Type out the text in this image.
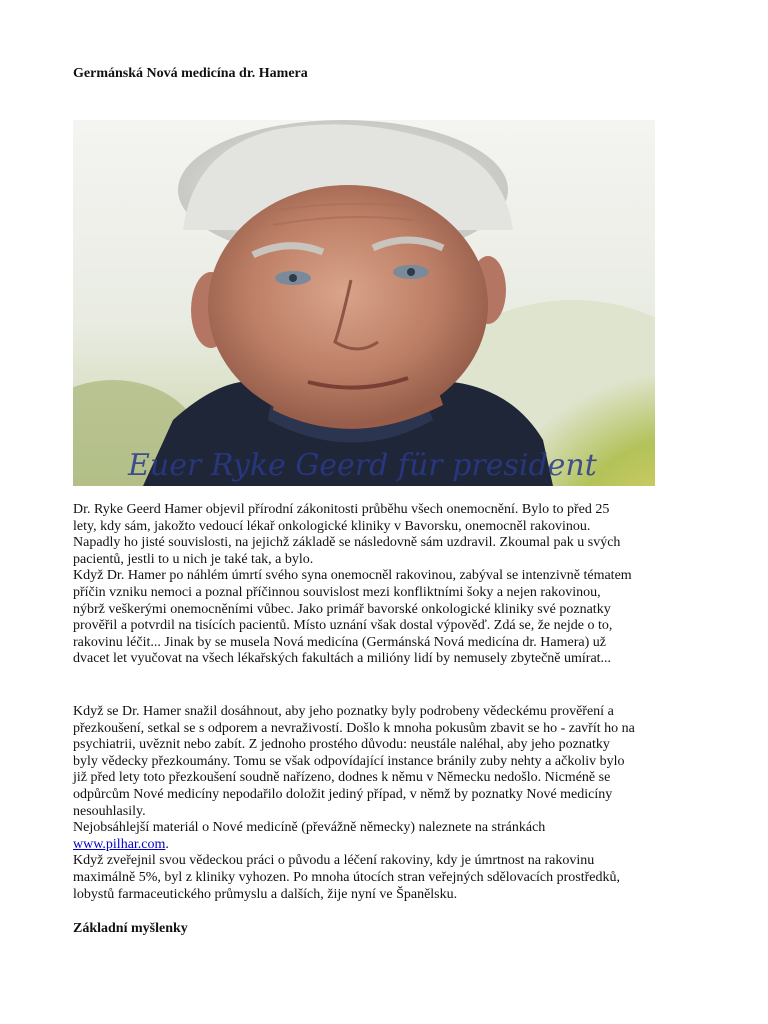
Germánská Nová medicína dr. Hamera
Euer Ryke Geerd für president
Dr. Ryke Geerd Hamer objevil přírodní zákonitosti průběhu všech onemocnění. Bylo to před 25
lety, kdy sám, jakožto vedoucí lékař onkologické kliniky v Bavorsku, onemocněl rakovinou.
Napadly ho jisté souvislosti, na jejichž základě se následovně sám uzdravil. Zkoumal pak u svých
pacientů, jestli to u nich je také tak, a bylo.
Když Dr. Hamer po náhlém úmrtí svého syna onemocněl rakovinou, zabýval se intenzivně tématem
příčin vzniku nemoci a poznal příčinnou souvislost mezi konfliktními šoky a nejen rakovinou,
nýbrž veškerými onemocněními vůbec. Jako primář bavorské onkologické kliniky své poznatky
prověřil a potvrdil na tisících pacientů. Místo uznání však dostal výpověď. Zdá se, že nejde o to,
rakovinu léčit... Jinak by se musela Nová medicína (Germánská Nová medicína dr. Hamera) už
dvacet let vyučovat na všech lékařských fakultách a milióny lidí by nemusely zbytečně umírat...
Když se Dr. Hamer snažil dosáhnout, aby jeho poznatky byly podrobeny vědeckému prověření a
přezkoušení, setkal se s odporem a nevraživostí. Došlo k mnoha pokusům zbavit se ho - zavřít ho na
psychiatrii, uvěznit nebo zabít. Z jednoho prostého důvodu: neustále naléhal, aby jeho poznatky
byly vědecky přezkoumány. Tomu se však odpovídající instance bránily zuby nehty a ačkoliv bylo
již před lety toto přezkoušení soudně nařízeno, dodnes k němu v Německu nedošlo. Nicméně se
odpůrcům Nové medicíny nepodařilo doložit jediný případ, v němž by poznatky Nové medicíny
nesouhlasily.
Nejobsáhlejší materiál o Nové medicíně (převážně německy) naleznete na stránkách
www.pilhar.com.
Když zveřejnil svou vědeckou práci o původu a léčení rakoviny, kdy je úmrtnost na rakovinu
maximálně 5%, byl z kliniky vyhozen. Po mnoha útocích stran veřejných sdělovacích prostředků,
lobystů farmaceutického průmyslu a dalších, žije nyní ve Španělsku.
Základní myšlenky
